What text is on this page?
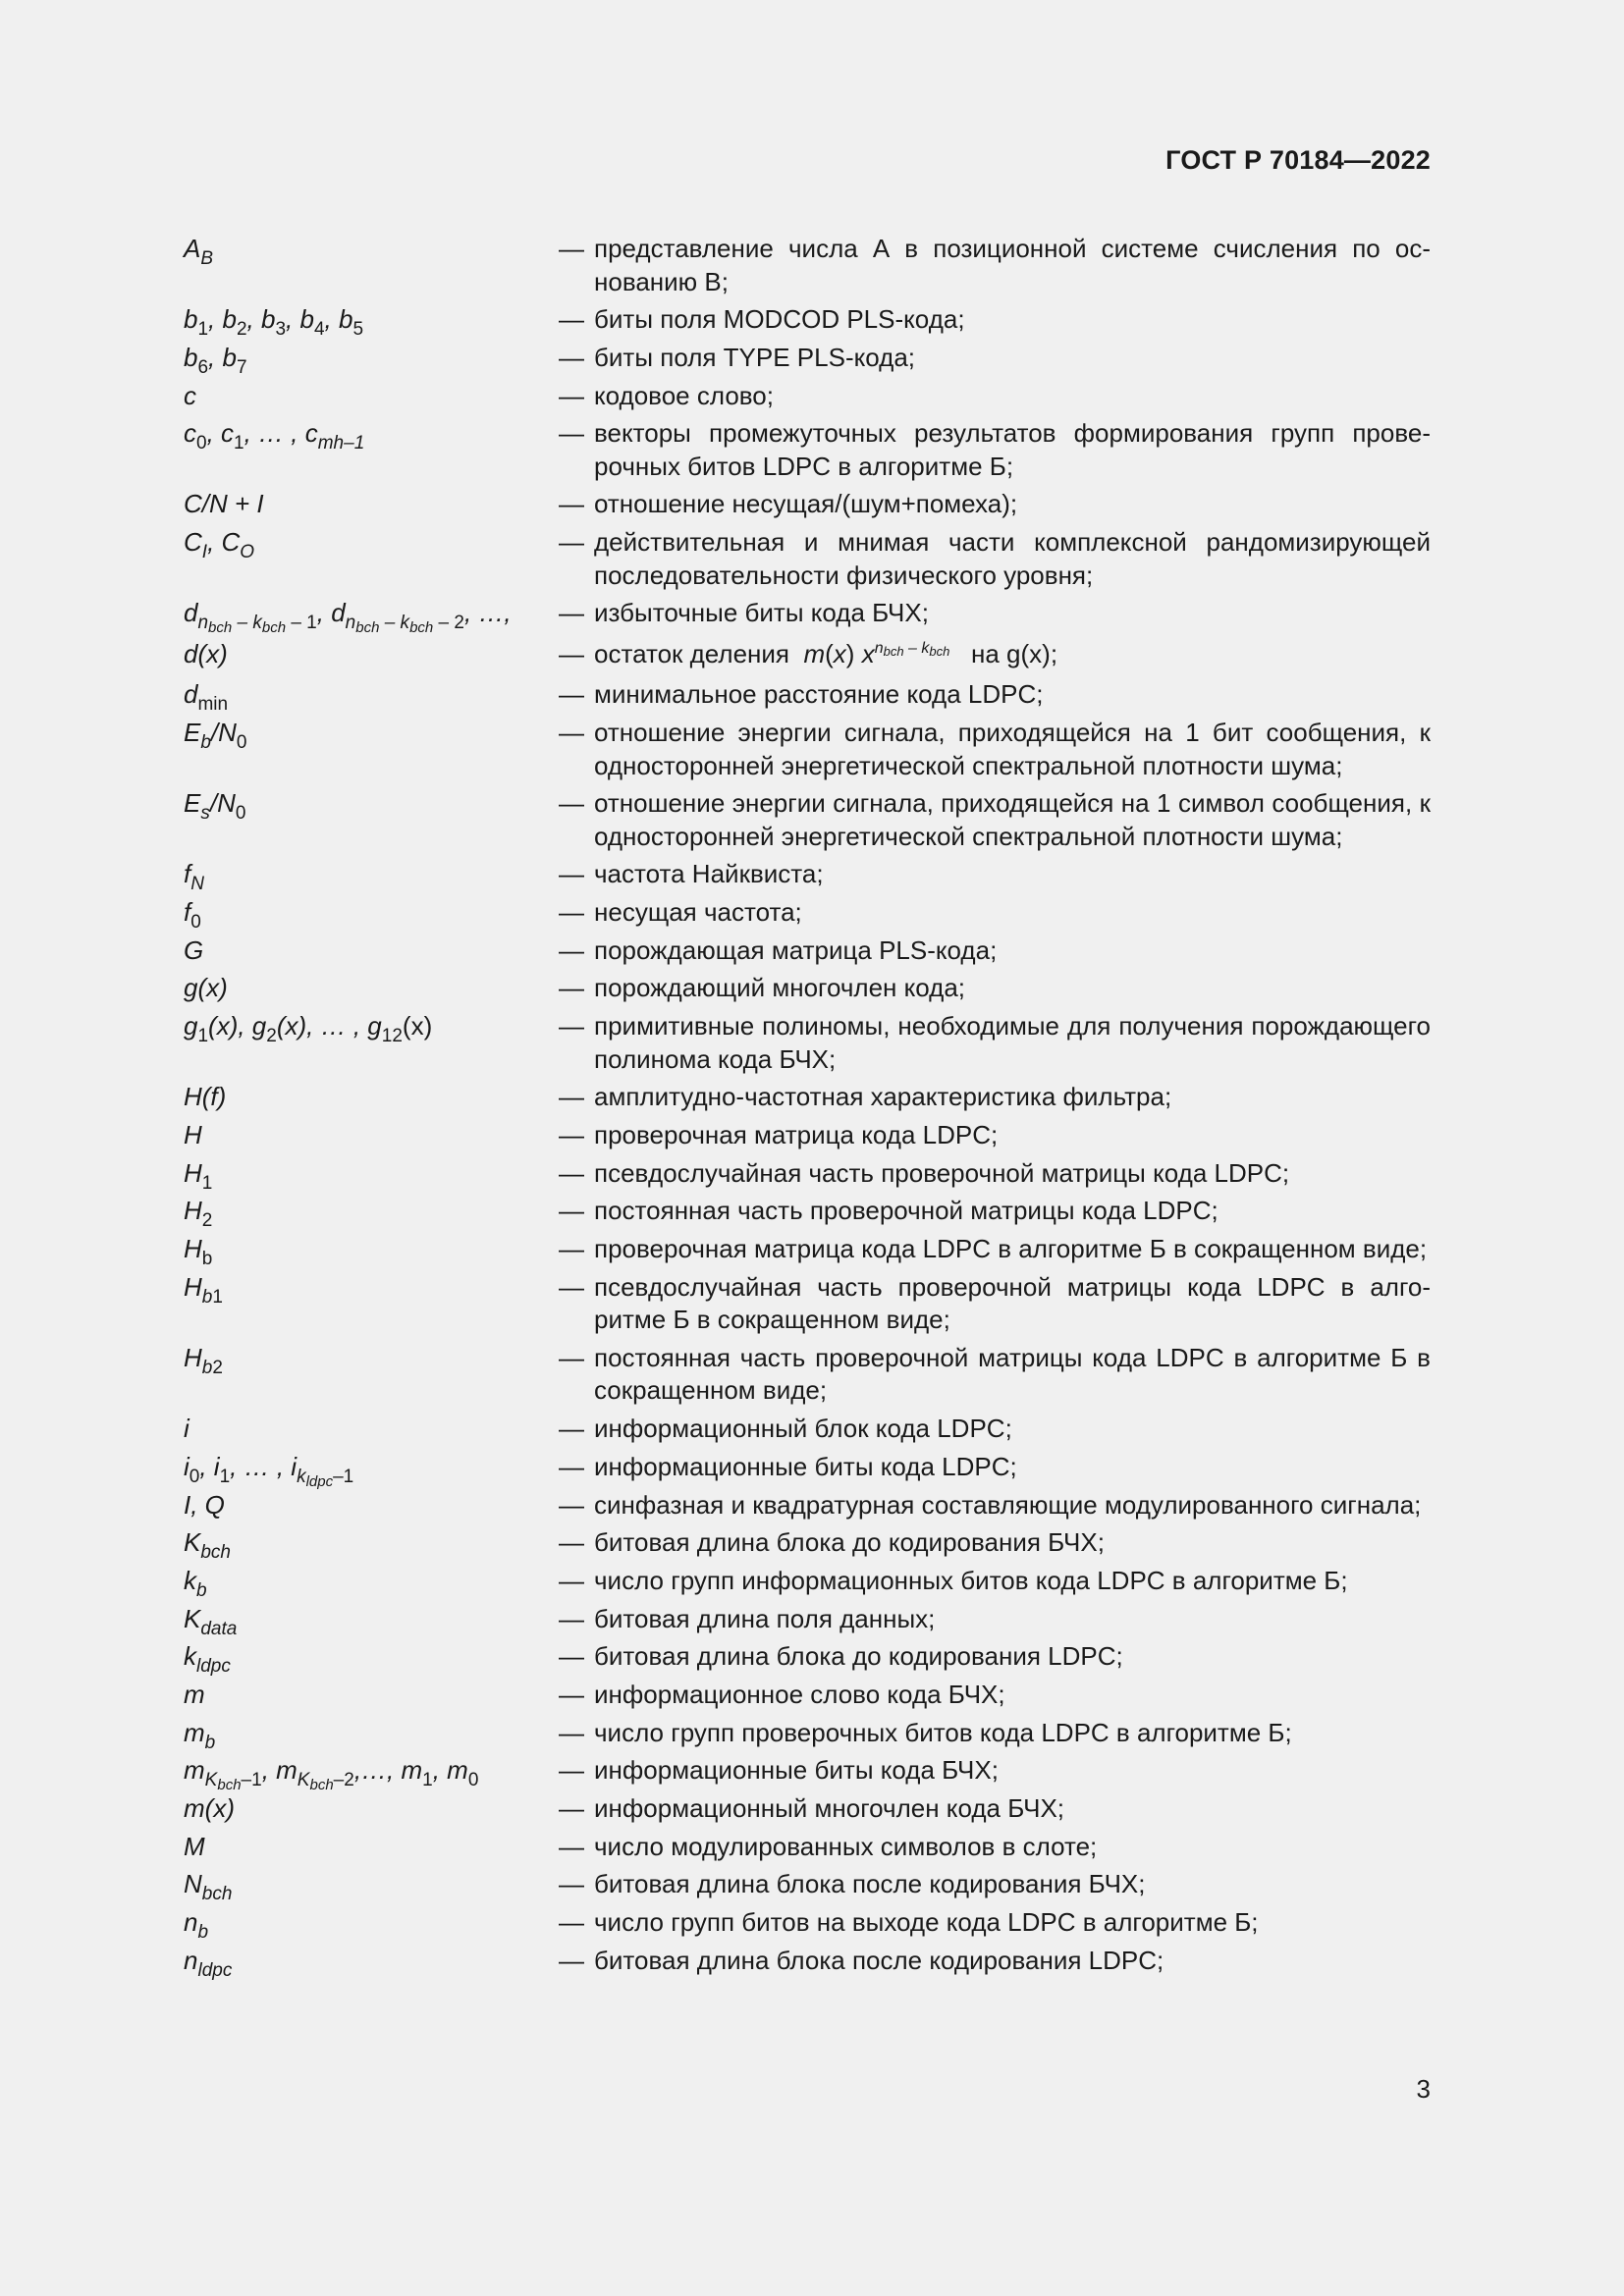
ГОСТ Р 70184—2022
$A_B$	— представление числа А в позиционной системе счисления по основанию В;
$b_1$, $b_2$, $b_3$, $b_4$, $b_5$	— биты поля MODCOD PLS-кода;
$b_6$, $b_7$	— биты поля TYPE PLS-кода;
c	— кодовое слово;
$c_0$, $c_1$, … , $c_{mh-1}$	— векторы промежуточных результатов формирования групп проверочных битов LDPC в алгоритме Б;
C/N + I	— отношение несущая/(шум+помеха);
$C_I$, $C_O$	— действительная и мнимая части комплексной рандомизирующей последовательности физического уровня;
$d_{n_{bch} - k_{bch} - 1}$, $d_{n_{bch} - k_{bch} - 2}$, …,	— избыточные биты кода БЧХ;
d(x)	— остаток деления m(x) $x^{n_{bch} - k_{bch}}$ на g(x);
$d_{min}$	— минимальное расстояние кода LDPC;
$E_b/N_0$	— отношение энергии сигнала, приходящейся на 1 бит сообщения, к односторонней энергетической спектральной плотности шума;
$E_s/N_0$	— отношение энергии сигнала, приходящейся на 1 символ сообщения, к односторонней энергетической спектральной плотности шума;
$f_N$	— частота Найквиста;
$f_0$	— несущая частота;
G	— порождающая матрица PLS-кода;
g(x)	— порождающий многочлен кода;
$g_1(x)$, $g_2(x)$, … , $g_{12}(x)$	— примитивные полиномы, необходимые для получения порождающего полинома кода БЧХ;
H(f)	— амплитудно-частотная характеристика фильтра;
H	— проверочная матрица кода LDPC;
$H_1$	— псевдослучайная часть проверочной матрицы кода LDPC;
$H_2$	— постоянная часть проверочной матрицы кода LDPC;
$H_b$	— проверочная матрица кода LDPC в алгоритме Б в сокращенном виде;
$H_{b1}$	— псевдослучайная часть проверочной матрицы кода LDPC в алгоритме Б в сокращенном виде;
$H_{b2}$	— постоянная часть проверочной матрицы кода LDPC в алгоритме Б в сокращенном виде;
i	— информационный блок кода LDPC;
$i_0$, $i_1$, … , $i_{k_{ldpc}-1}$	— информационные биты кода LDPC;
I, Q	— синфазная и квадратурная составляющие модулированного сигнала;
$K_{bch}$	— битовая длина блока до кодирования БЧХ;
$k_b$	— число групп информационных битов кода LDPC в алгоритме Б;
$K_{data}$	— битовая длина поля данных;
$k_{ldpc}$	— битовая длина блока до кодирования LDPC;
m	— информационное слово кода БЧХ;
$m_b$	— число групп проверочных битов кода LDPC в алгоритме Б;
$m_{K_{bch}-1}$, $m_{K_{bch}-2},\dots$, $m_1$, $m_0$	— информационные биты кода БЧХ;
m(x)	— информационный многочлен кода БЧХ;
M	— число модулированных символов в слоте;
$N_{bch}$	— битовая длина блока после кодирования БЧХ;
$n_b$	— число групп битов на выходе кода LDPC в алгоритме Б;
$n_{ldpc}$	— битовая длина блока после кодирования LDPC;
3
